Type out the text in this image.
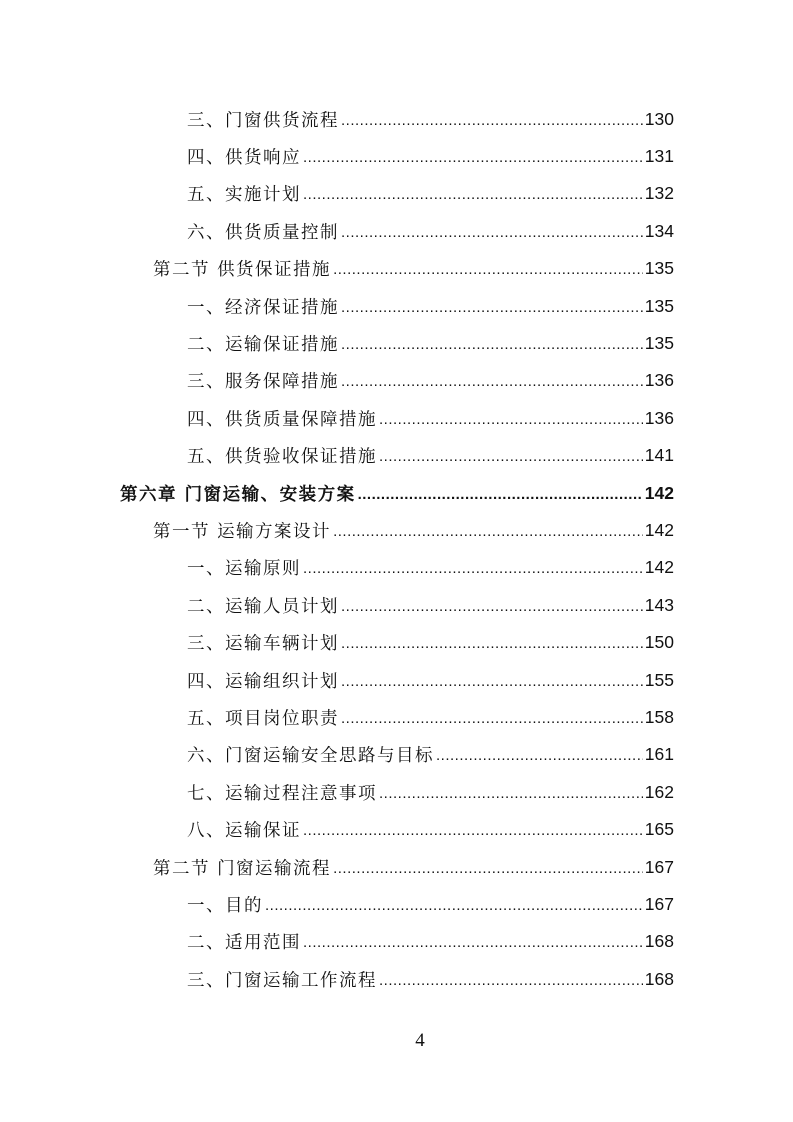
三、门窗供货流程 .....	130
四、供货响应 .....	131
五、实施计划 .....	132
六、供货质量控制 .....	134
第二节 供货保证措施 .....	135
一、经济保证措施 .....	135
二、运输保证措施 .....	135
三、服务保障措施 .....	136
四、供货质量保障措施 .....	136
五、供货验收保证措施 .....	141
第六章 门窗运输、安装方案 .....	142
第一节 运输方案设计 .....	142
一、运输原则 .....	142
二、运输人员计划 .....	143
三、运输车辆计划 .....	150
四、运输组织计划 .....	155
五、项目岗位职责 .....	158
六、门窗运输安全思路与目标 .....	161
七、运输过程注意事项 .....	162
八、运输保证 .....	165
第二节 门窗运输流程 .....	167
一、目的 .....	167
二、适用范围 .....	168
三、门窗运输工作流程 .....	168
4
